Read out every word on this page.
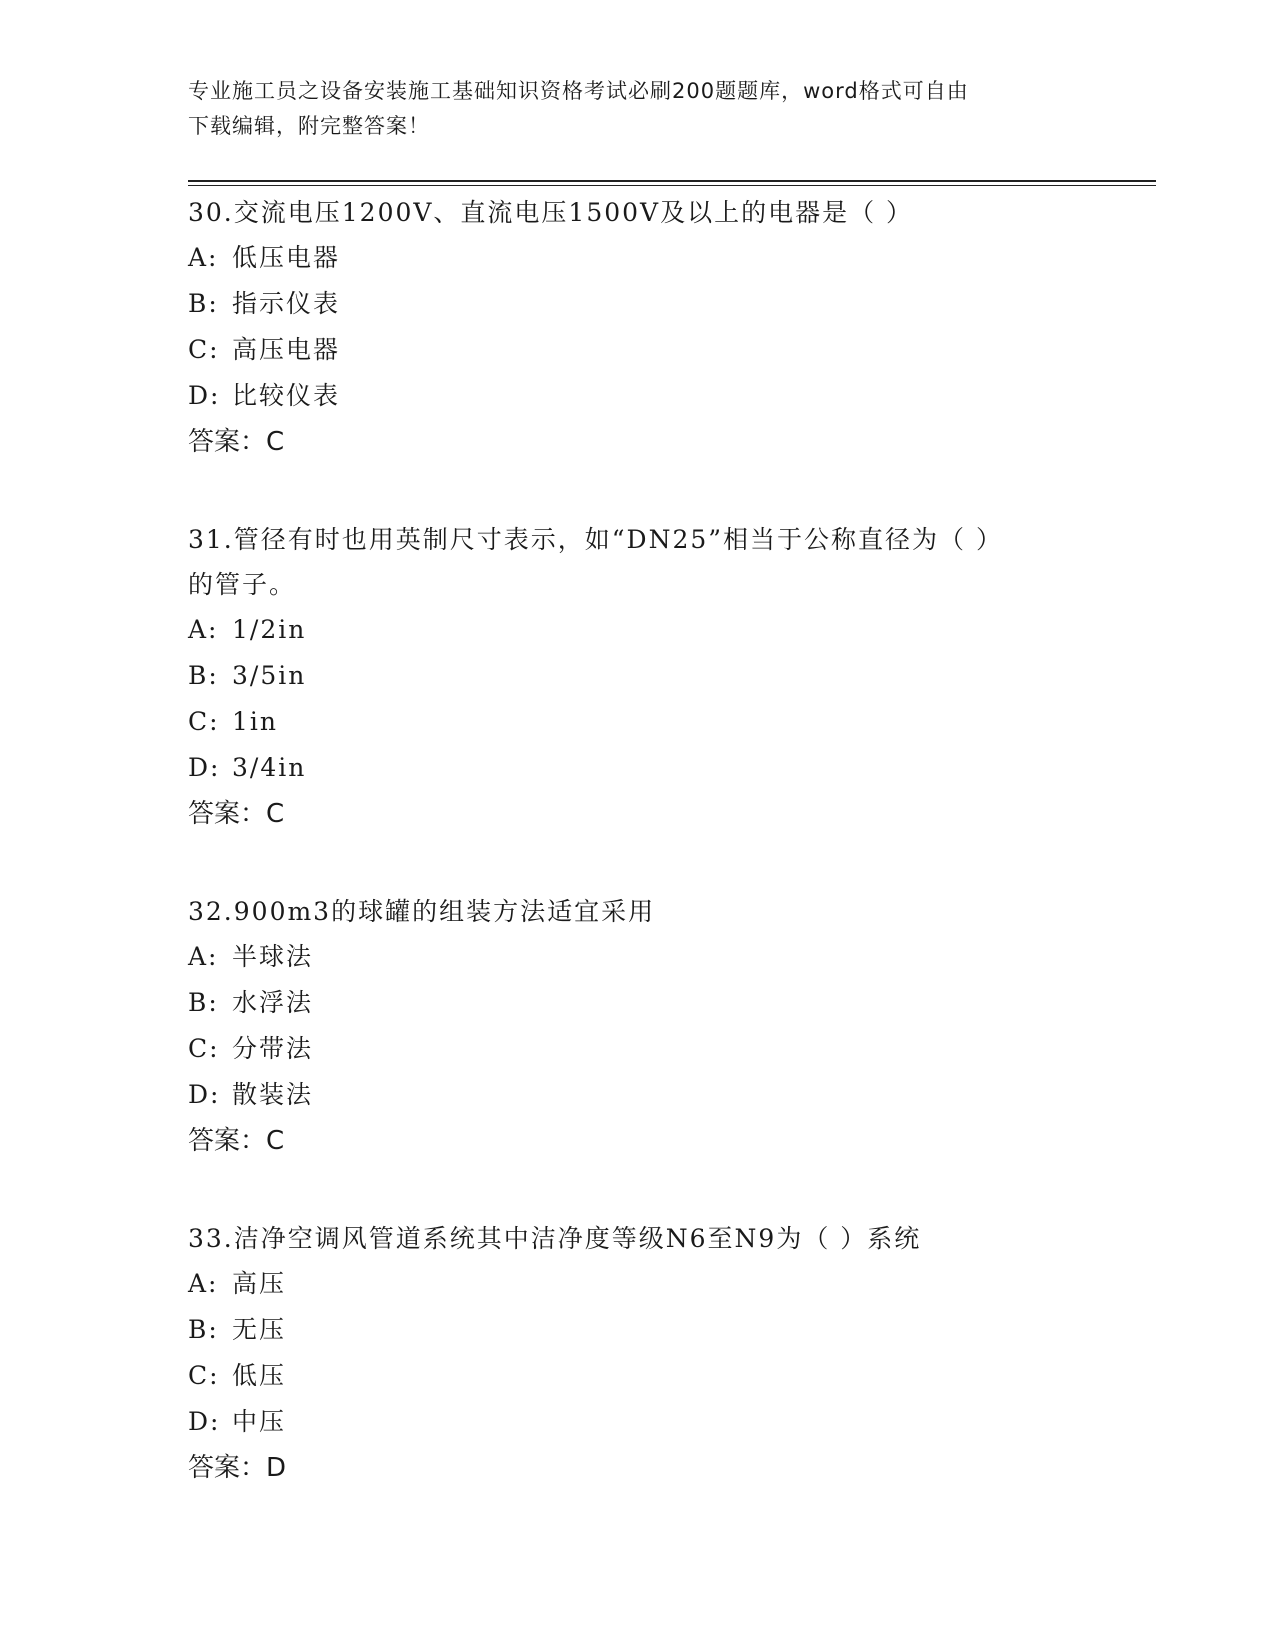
专业施工员之设备安装施工基础知识资格考试必刷200题题库，word格式可自由
下载编辑，附完整答案！
30.交流电压1200V、直流电压1500V及以上的电器是（ ）
A: 低压电器
B: 指示仪表
C: 高压电器
D: 比较仪表
答案：C
31.管径有时也用英制尺寸表示，如“DN25”相当于公称直径为（ ）
的管子。
A: 1/2in
B: 3/5in
C: 1in
D: 3/4in
答案：C
32.900m3的球罐的组装方法适宜采用
A: 半球法
B: 水浮法
C: 分带法
D: 散装法
答案：C
33.洁净空调风管道系统其中洁净度等级N6至N9为（ ）系统
A: 高压
B: 无压
C: 低压
D: 中压
答案：D
